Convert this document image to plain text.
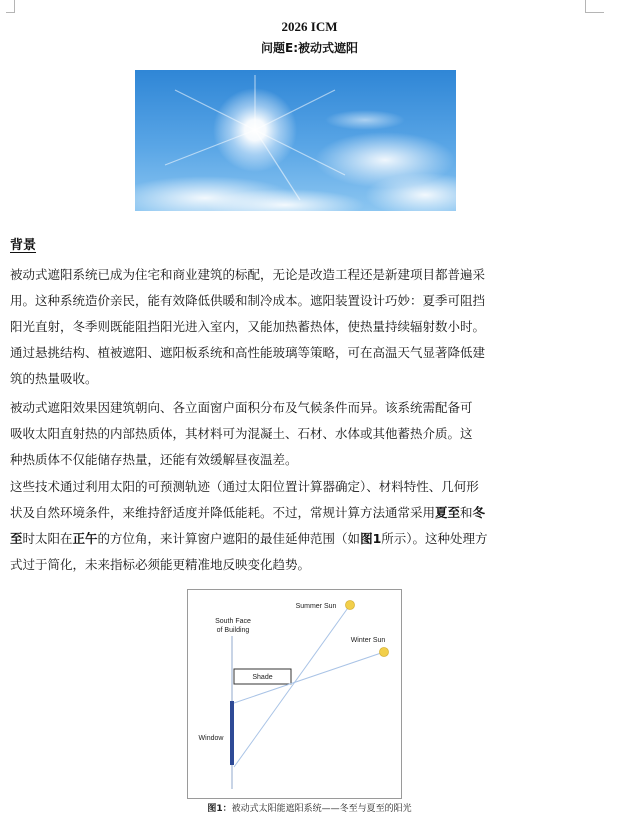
2026 ICM
问题E:被动式遮阳
背景
被动式遮阳系统已成为住宅和商业建筑的标配，无论是改造工程还是新建项目都普遍采
用。这种系统造价亲民，能有效降低供暖和制冷成本。遮阳装置设计巧妙：夏季可阻挡
阳光直射，冬季则既能阻挡阳光进入室内，又能加热蓄热体，使热量持续辐射数小时。
通过悬挑结构、植被遮阳、遮阳板系统和高性能玻璃等策略，可在高温天气显著降低建
筑的热量吸收。
被动式遮阳效果因建筑朝向、各立面窗户面积分布及气候条件而异。该系统需配备可
吸收太阳直射热的内部热质体，其材料可为混凝土、石材、水体或其他蓄热介质。这
种热质体不仅能储存热量，还能有效缓解昼夜温差。
这些技术通过利用太阳的可预测轨迹（通过太阳位置计算器确定）、材料特性、几何形
状及自然环境条件，来维持舒适度并降低能耗。不过，常规计算方法通常采用夏至和冬
至时太阳在正午的方位角，来计算窗户遮阳的最佳延伸范围（如图1所示）。这种处理方
式过于简化，未来指标必须能更精准地反映变化趋势。
South Face
of Building
Summer Sun
Winter Sun
Shade
Window
图1：被动式太阳能遮阳系统——冬至与夏至的阳光
